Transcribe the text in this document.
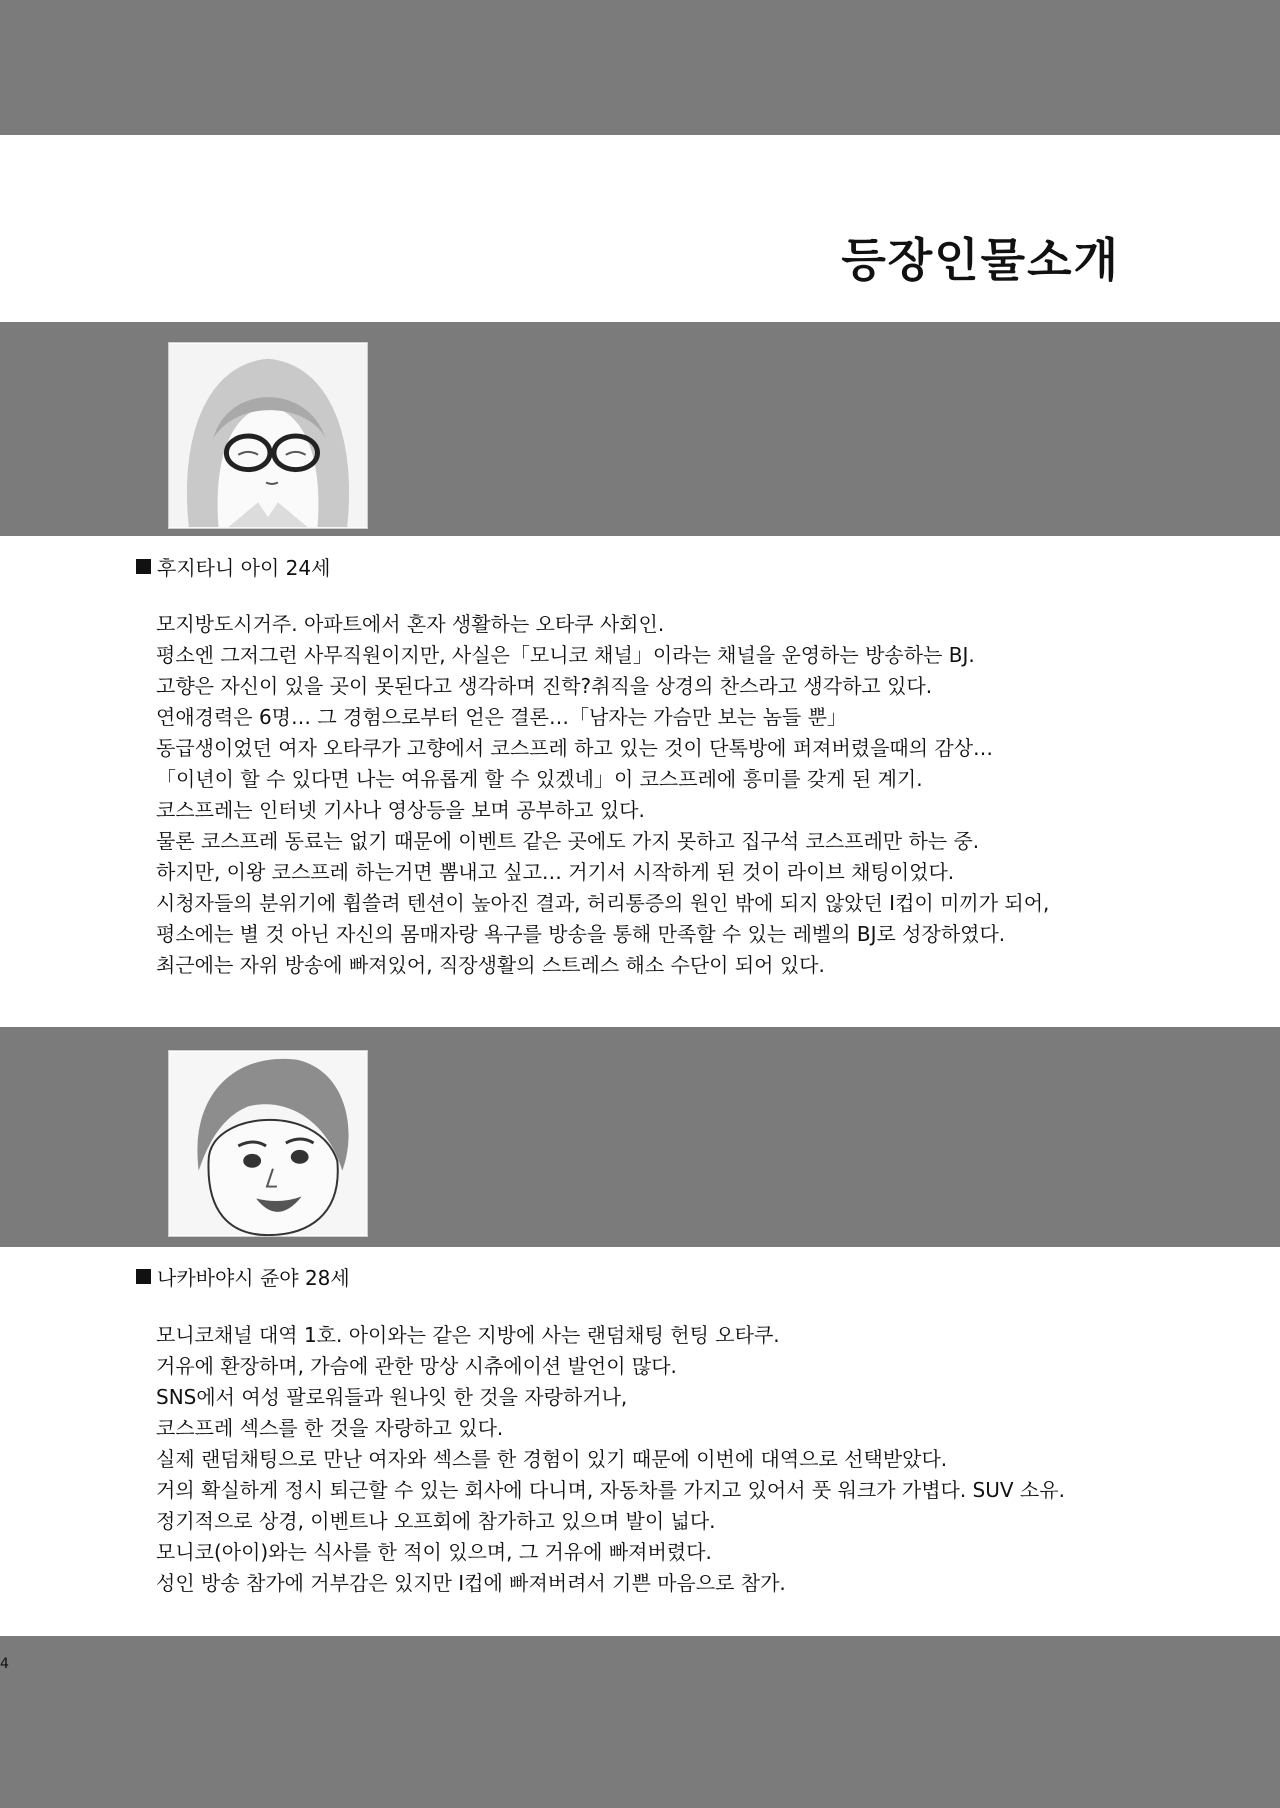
등장인물소개
후지타니 아이 24세
모지방도시거주. 아파트에서 혼자 생활하는 오타쿠 사회인.
평소엔 그저그런 사무직원이지만, 사실은「모니코 채널」이라는 채널을 운영하는 방송하는 BJ.
고향은 자신이 있을 곳이 못된다고 생각하며 진학?취직을 상경의 찬스라고 생각하고 있다.
연애경력은 6명… 그 경험으로부터 얻은 결론…「남자는 가슴만 보는 놈들 뿐」
동급생이었던 여자 오타쿠가 고향에서 코스프레 하고 있는 것이 단톡방에 퍼져버렸을때의 감상…
「이년이 할 수 있다면 나는 여유롭게 할 수 있겠네」이 코스프레에 흥미를 갖게 된 계기.
코스프레는 인터넷 기사나 영상등을 보며 공부하고 있다.
물론 코스프레 동료는 없기 때문에 이벤트 같은 곳에도 가지 못하고 집구석 코스프레만 하는 중.
하지만, 이왕 코스프레 하는거면 뽐내고 싶고… 거기서 시작하게 된 것이 라이브 채팅이었다.
시청자들의 분위기에 휩쓸려 텐션이 높아진 결과, 허리통증의 원인 밖에 되지 않았던 I컵이 미끼가 되어,
평소에는 별 것 아닌 자신의 몸매자랑 욕구를 방송을 통해 만족할 수 있는 레벨의 BJ로 성장하였다.
최근에는 자위 방송에 빠져있어, 직장생활의 스트레스 해소 수단이 되어 있다.
나카바야시 쥰야 28세
모니코채널 대역 1호. 아이와는 같은 지방에 사는 랜덤채팅 헌팅 오타쿠.
거유에 환장하며, 가슴에 관한 망상 시츄에이션 발언이 많다.
SNS에서 여성 팔로워들과 원나잇 한 것을 자랑하거나,
코스프레 섹스를 한 것을 자랑하고 있다.
실제 랜덤채팅으로 만난 여자와 섹스를 한 경험이 있기 때문에 이번에 대역으로 선택받았다.
거의 확실하게 정시 퇴근할 수 있는 회사에 다니며, 자동차를 가지고 있어서 풋 워크가 가볍다. SUV 소유.
정기적으로 상경, 이벤트나 오프회에 참가하고 있으며 발이 넓다.
모니코(아이)와는 식사를 한 적이 있으며, 그 거유에 빠져버렸다.
성인 방송 참가에 거부감은 있지만 I컵에 빠져버려서 기쁜 마음으로 참가.
4
